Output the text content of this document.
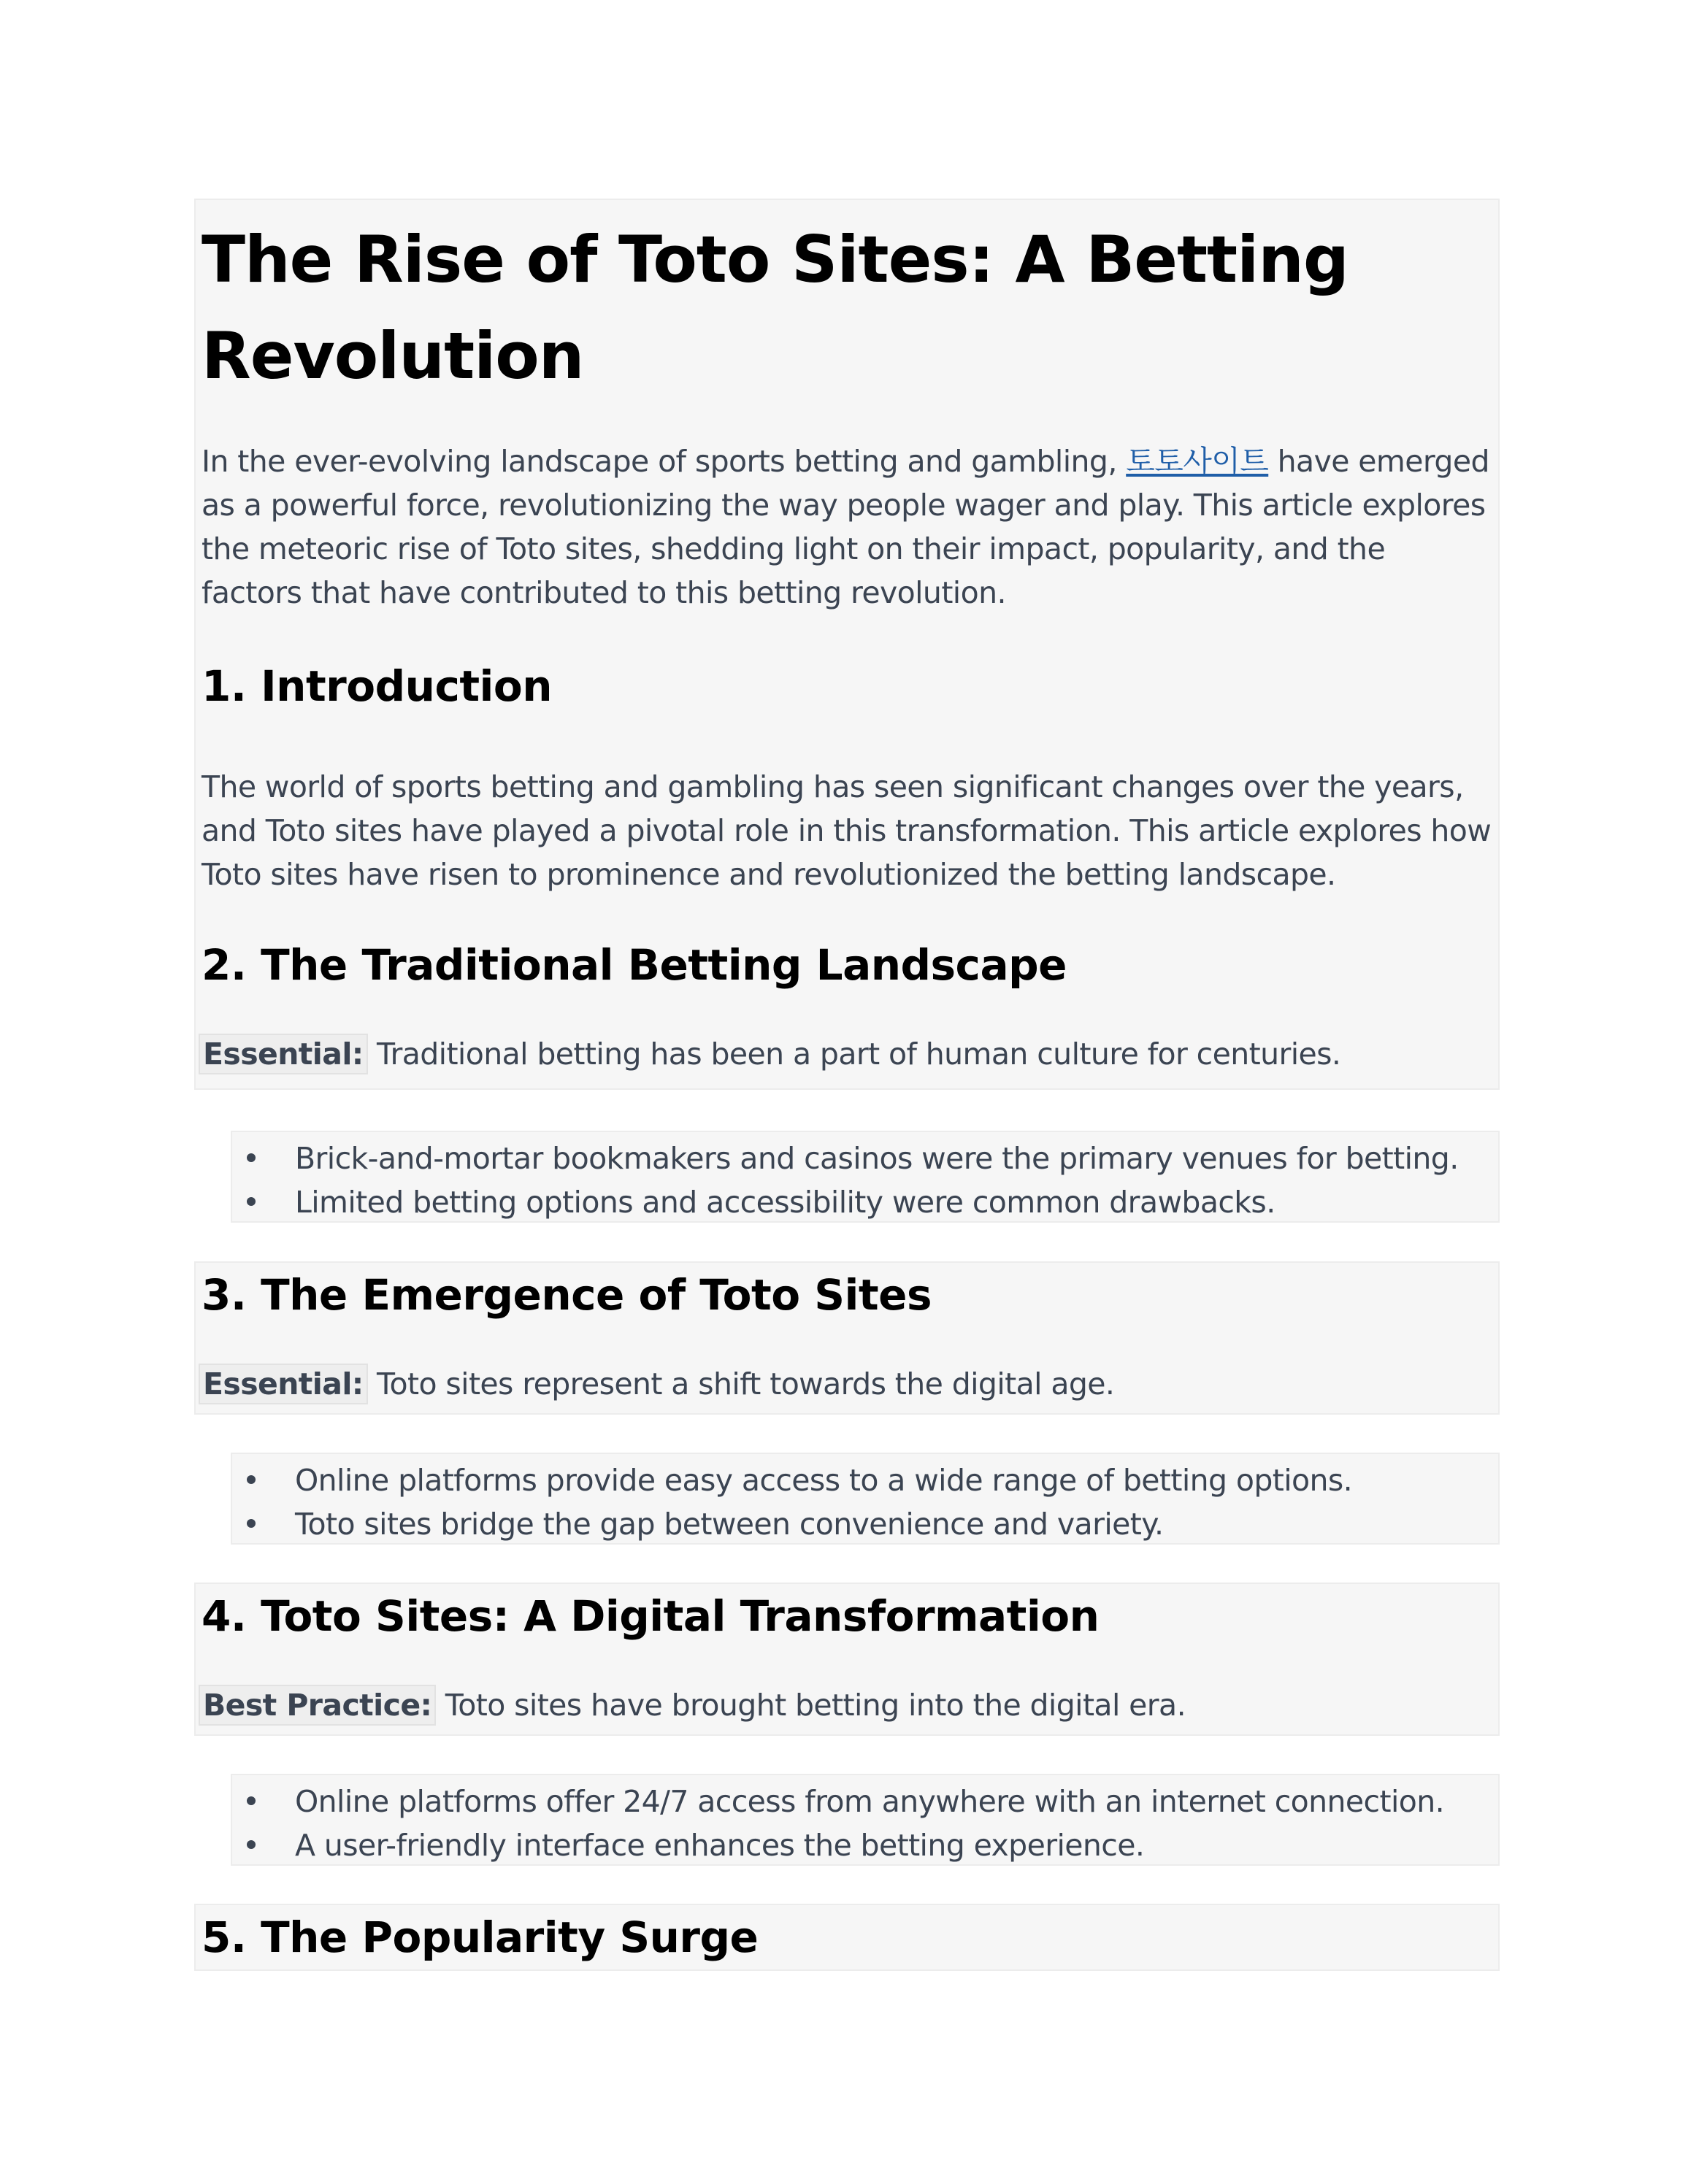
The Rise of Toto Sites: A Betting
Revolution

In the ever-evolving landscape of sports betting and gambling, 토토사이트 have emerged
as a powerful force, revolutionizing the way people wager and play. This article explores
the meteoric rise of Toto sites, shedding light on their impact, popularity, and the
factors that have contributed to this betting revolution.

1. Introduction

The world of sports betting and gambling has seen significant changes over the years,
and Toto sites have played a pivotal role in this transformation. This article explores how
Toto sites have risen to prominence and revolutionized the betting landscape.

2. The Traditional Betting Landscape

Essential: Traditional betting has been a part of human culture for centuries.

Brick-and-mortar bookmakers and casinos were the primary venues for betting.

Limited betting options and accessibility were common drawbacks.

3. The Emergence of Toto Sites

Essential: Toto sites represent a shift towards the digital age.

Online platforms provide easy access to a wide range of betting options.

Toto sites bridge the gap between convenience and variety.

4. Toto Sites: A Digital Transformation

Best Practice: Toto sites have brought betting into the digital era.

Online platforms offer 24/7 access from anywhere with an internet connection.

A user-friendly interface enhances the betting experience.

5. The Popularity Surge
